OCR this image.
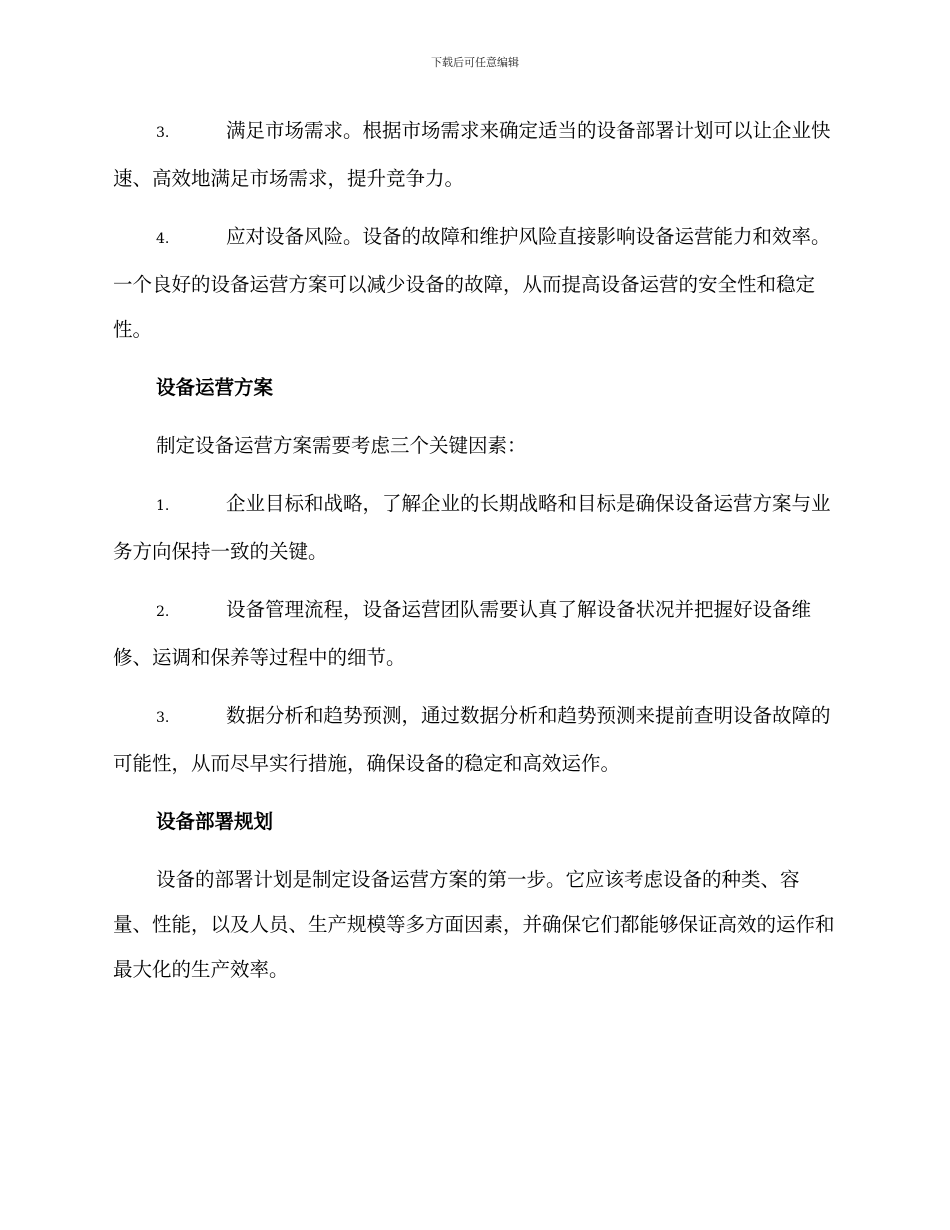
下载后可任意编辑

3.	满足市场需求。根据市场需求来确定适当的设备部署计划可以让企业快速、高效地满足市场需求，提升竞争力。

4.	应对设备风险。设备的故障和维护风险直接影响设备运营能力和效率。一个良好的设备运营方案可以减少设备的故障，从而提高设备运营的安全性和稳定性。

设备运营方案

制定设备运营方案需要考虑三个关键因素：

1.	企业目标和战略，了解企业的长期战略和目标是确保设备运营方案与业务方向保持一致的关键。

2.	设备管理流程，设备运营团队需要认真了解设备状况并把握好设备维修、运调和保养等过程中的细节。

3.	数据分析和趋势预测，通过数据分析和趋势预测来提前查明设备故障的可能性，从而尽早实行措施，确保设备的稳定和高效运作。

设备部署规划

设备的部署计划是制定设备运营方案的第一步。它应该考虑设备的种类、容量、性能，以及人员、生产规模等多方面因素，并确保它们都能够保证高效的运作和最大化的生产效率。
